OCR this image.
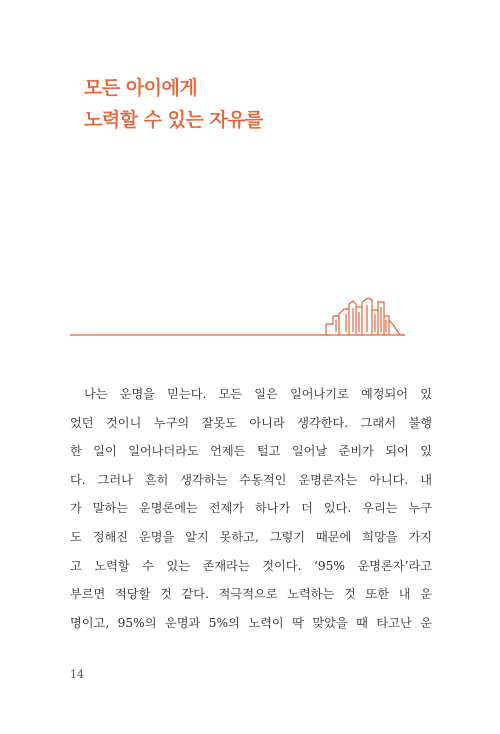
모든 아이에게
노력할 수 있는 자유를
나는 운명을 믿는다. 모든 일은 일어나기로 예정되어 있
었던 것이니 누구의 잘못도 아니라 생각한다. 그래서 불행
한 일이 일어나더라도 언제든 털고 일어날 준비가 되어 있
다. 그러나 흔히 생각하는 수동적인 운명론자는 아니다. 내
가 말하는 운명론에는 전제가 하나가 더 있다. 우리는 누구
도 정해진 운명을 알지 못하고, 그렇기 때문에 희망을 가지
고 노력할 수 있는 존재라는 것이다. ‘95% 운명론자’라고
부르면 적당할 것 같다. 적극적으로 노력하는 것 또한 내 운
명이고, 95%의 운명과 5%의 노력이 딱 맞았을 때 타고난 운
14
